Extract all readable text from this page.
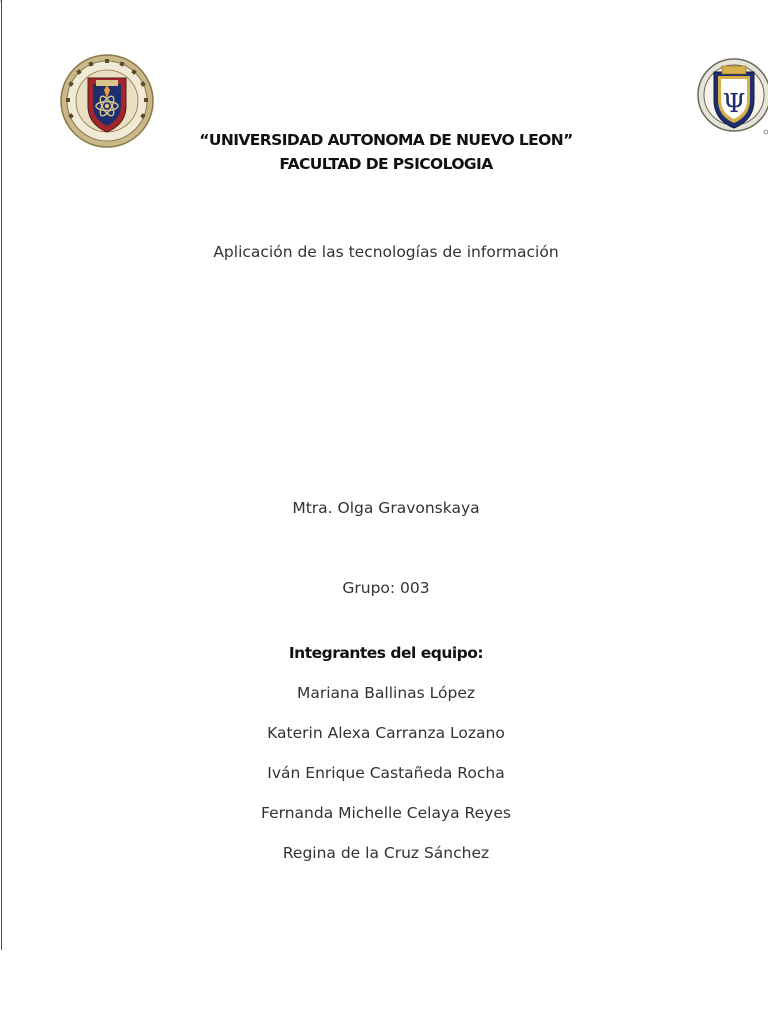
Ψ
“UNIVERSIDAD AUTONOMA DE NUEVO LEON”
FACULTAD DE PSICOLOGIA
Aplicación de las tecnologías de información
Mtra. Olga Gravonskaya
Grupo: 003
Integrantes del equipo:
Mariana Ballinas López
Katerin Alexa Carranza Lozano
Iván Enrique Castañeda Rocha
Fernanda Michelle Celaya Reyes
Regina de la Cruz Sánchez
